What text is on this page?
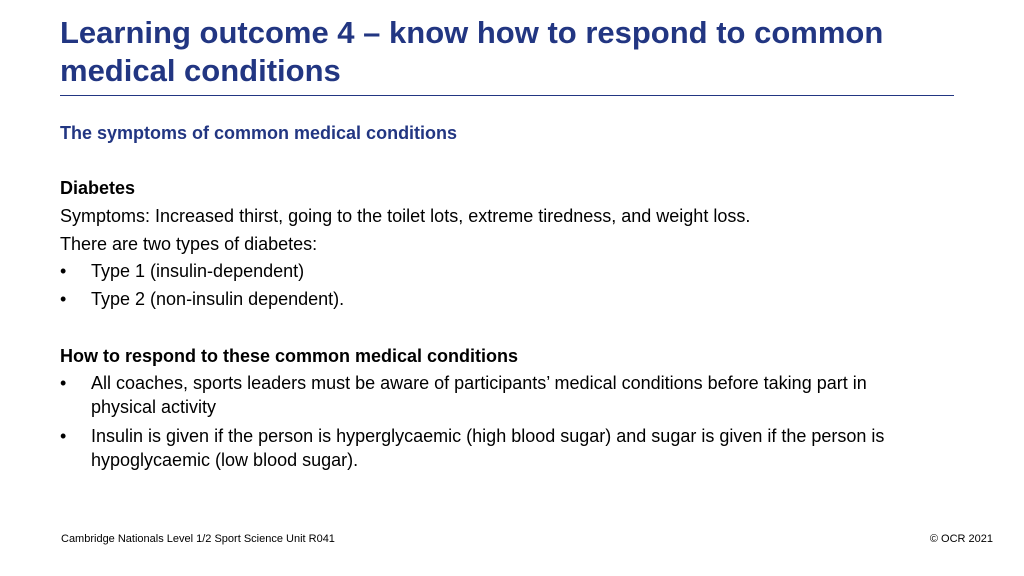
Learning outcome 4 – know how to respond to common medical conditions
The symptoms of common medical conditions

Diabetes

Symptoms: Increased thirst, going to the toilet lots, extreme tiredness, and weight loss.

There are two types of diabetes:

•	Type 1 (insulin-dependent)
•	Type 2 (non-insulin dependent).

How to respond to these common medical conditions

•	All coaches, sports leaders must be aware of participants’ medical conditions before taking part in physical activity
•	Insulin is given if the person is hyperglycaemic (high blood sugar) and sugar is given if the person is hypoglycaemic (low blood sugar).
Cambridge Nationals Level 1/2 Sport Science Unit R041	© OCR 2021
